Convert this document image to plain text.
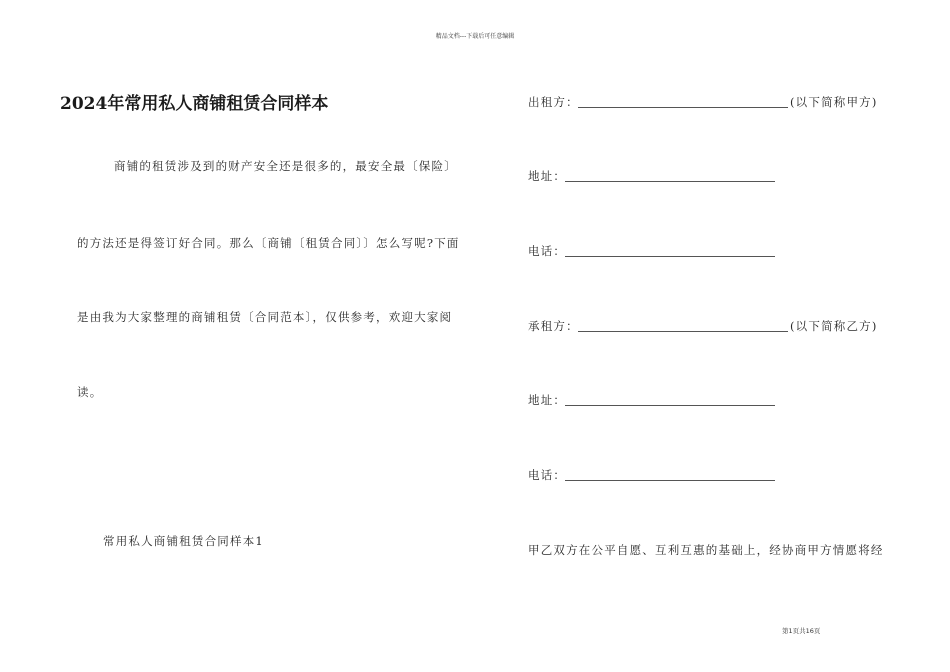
精品文档---下载后可任意编辑
2024年常用私人商铺租赁合同样本
商铺的租赁涉及到的财产安全还是很多的，最安全最〔保险〕
的方法还是得签订好合同。那么〔商铺〔租赁合同〕〕怎么写呢?下面
是由我为大家整理的商铺租赁〔合同范本〕，仅供参考，欢迎大家阅
读。
常用私人商铺租赁合同样本1
出租方：	(以下简称甲方)
地址：
电话：
承租方：	(以下简称乙方)
地址：
电话：
甲乙双方在公平自愿、互利互惠的基础上，经协商甲方情愿将经
第1页共16页
